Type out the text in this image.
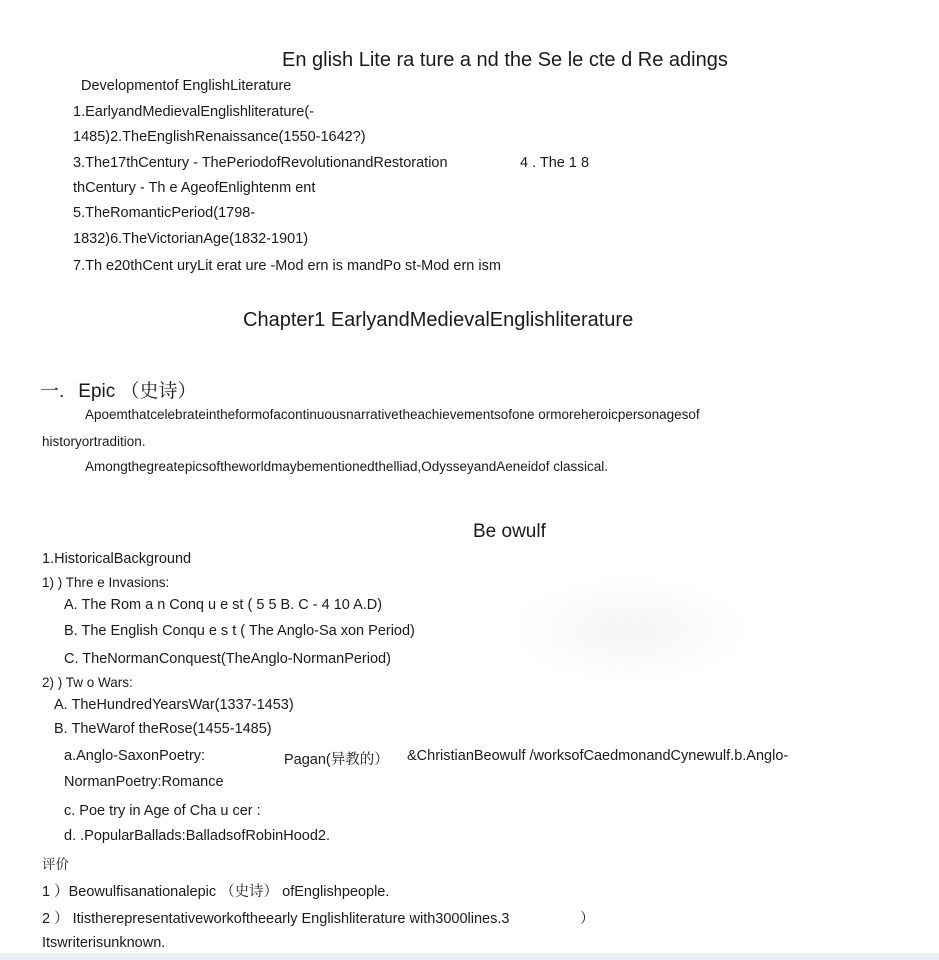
En glish Lite ra ture a nd the Se le cte d Re adings
Developmentof EnglishLiterature
1.EarlyandMedievalEnglishliterature(-
1485)2.TheEnglishRenaissance(1550-1642?)
3.The17thCentury - ThePeriodofRevolutionandRestoration	4 . The 1 8
thCentury - Th e AgeofEnlightenm ent
5.TheRomanticPeriod(1798-
1832)6.TheVictorianAge(1832-1901)
7.Th e20thCent uryLit erat ure -Mod ern is mandPo st-Mod ern ism
Chapter1 EarlyandMedievalEnglishliterature
一. Epic （史诗）
Apoemthatcelebrateintheformofacontinuousnarrativetheachievementsofone ormoreheroicpersonagesof
historyortradition.
Amongthegreatepicsoftheworldmaybementionedthelliad,OdysseyandAeneidof classical.
Be owulf
1.HistoricalBackground
1) ) Thre e Invasions:
A. The Rom a n Conq u e st ( 5 5 B. C - 4 10 A.D)
B. The English Conqu e s t ( The Anglo-Sa xon Period)
C. TheNormanConquest(TheAnglo-NormanPeriod)
2) ) Tw o Wars:
A. TheHundredYearsWar(1337-1453)
B. TheWarof theRose(1455-1485)
a.Anglo-SaxonPoetry:	Pagan(异教的） &ChristianBeowulf /worksofCaedmonandCynewulf.b.Anglo-
NormanPoetry:Romance
c. Poe try in Age of Cha u cer :
d. .PopularBallads:BalladsofRobinHood2.
评价
1 ）Beowulfisanationalepic （史诗） ofEnglishpeople.
2 ） Itistherepresentativeworkoftheearly Englishliterature with3000lines.3	）
Itswriterisunknown.
